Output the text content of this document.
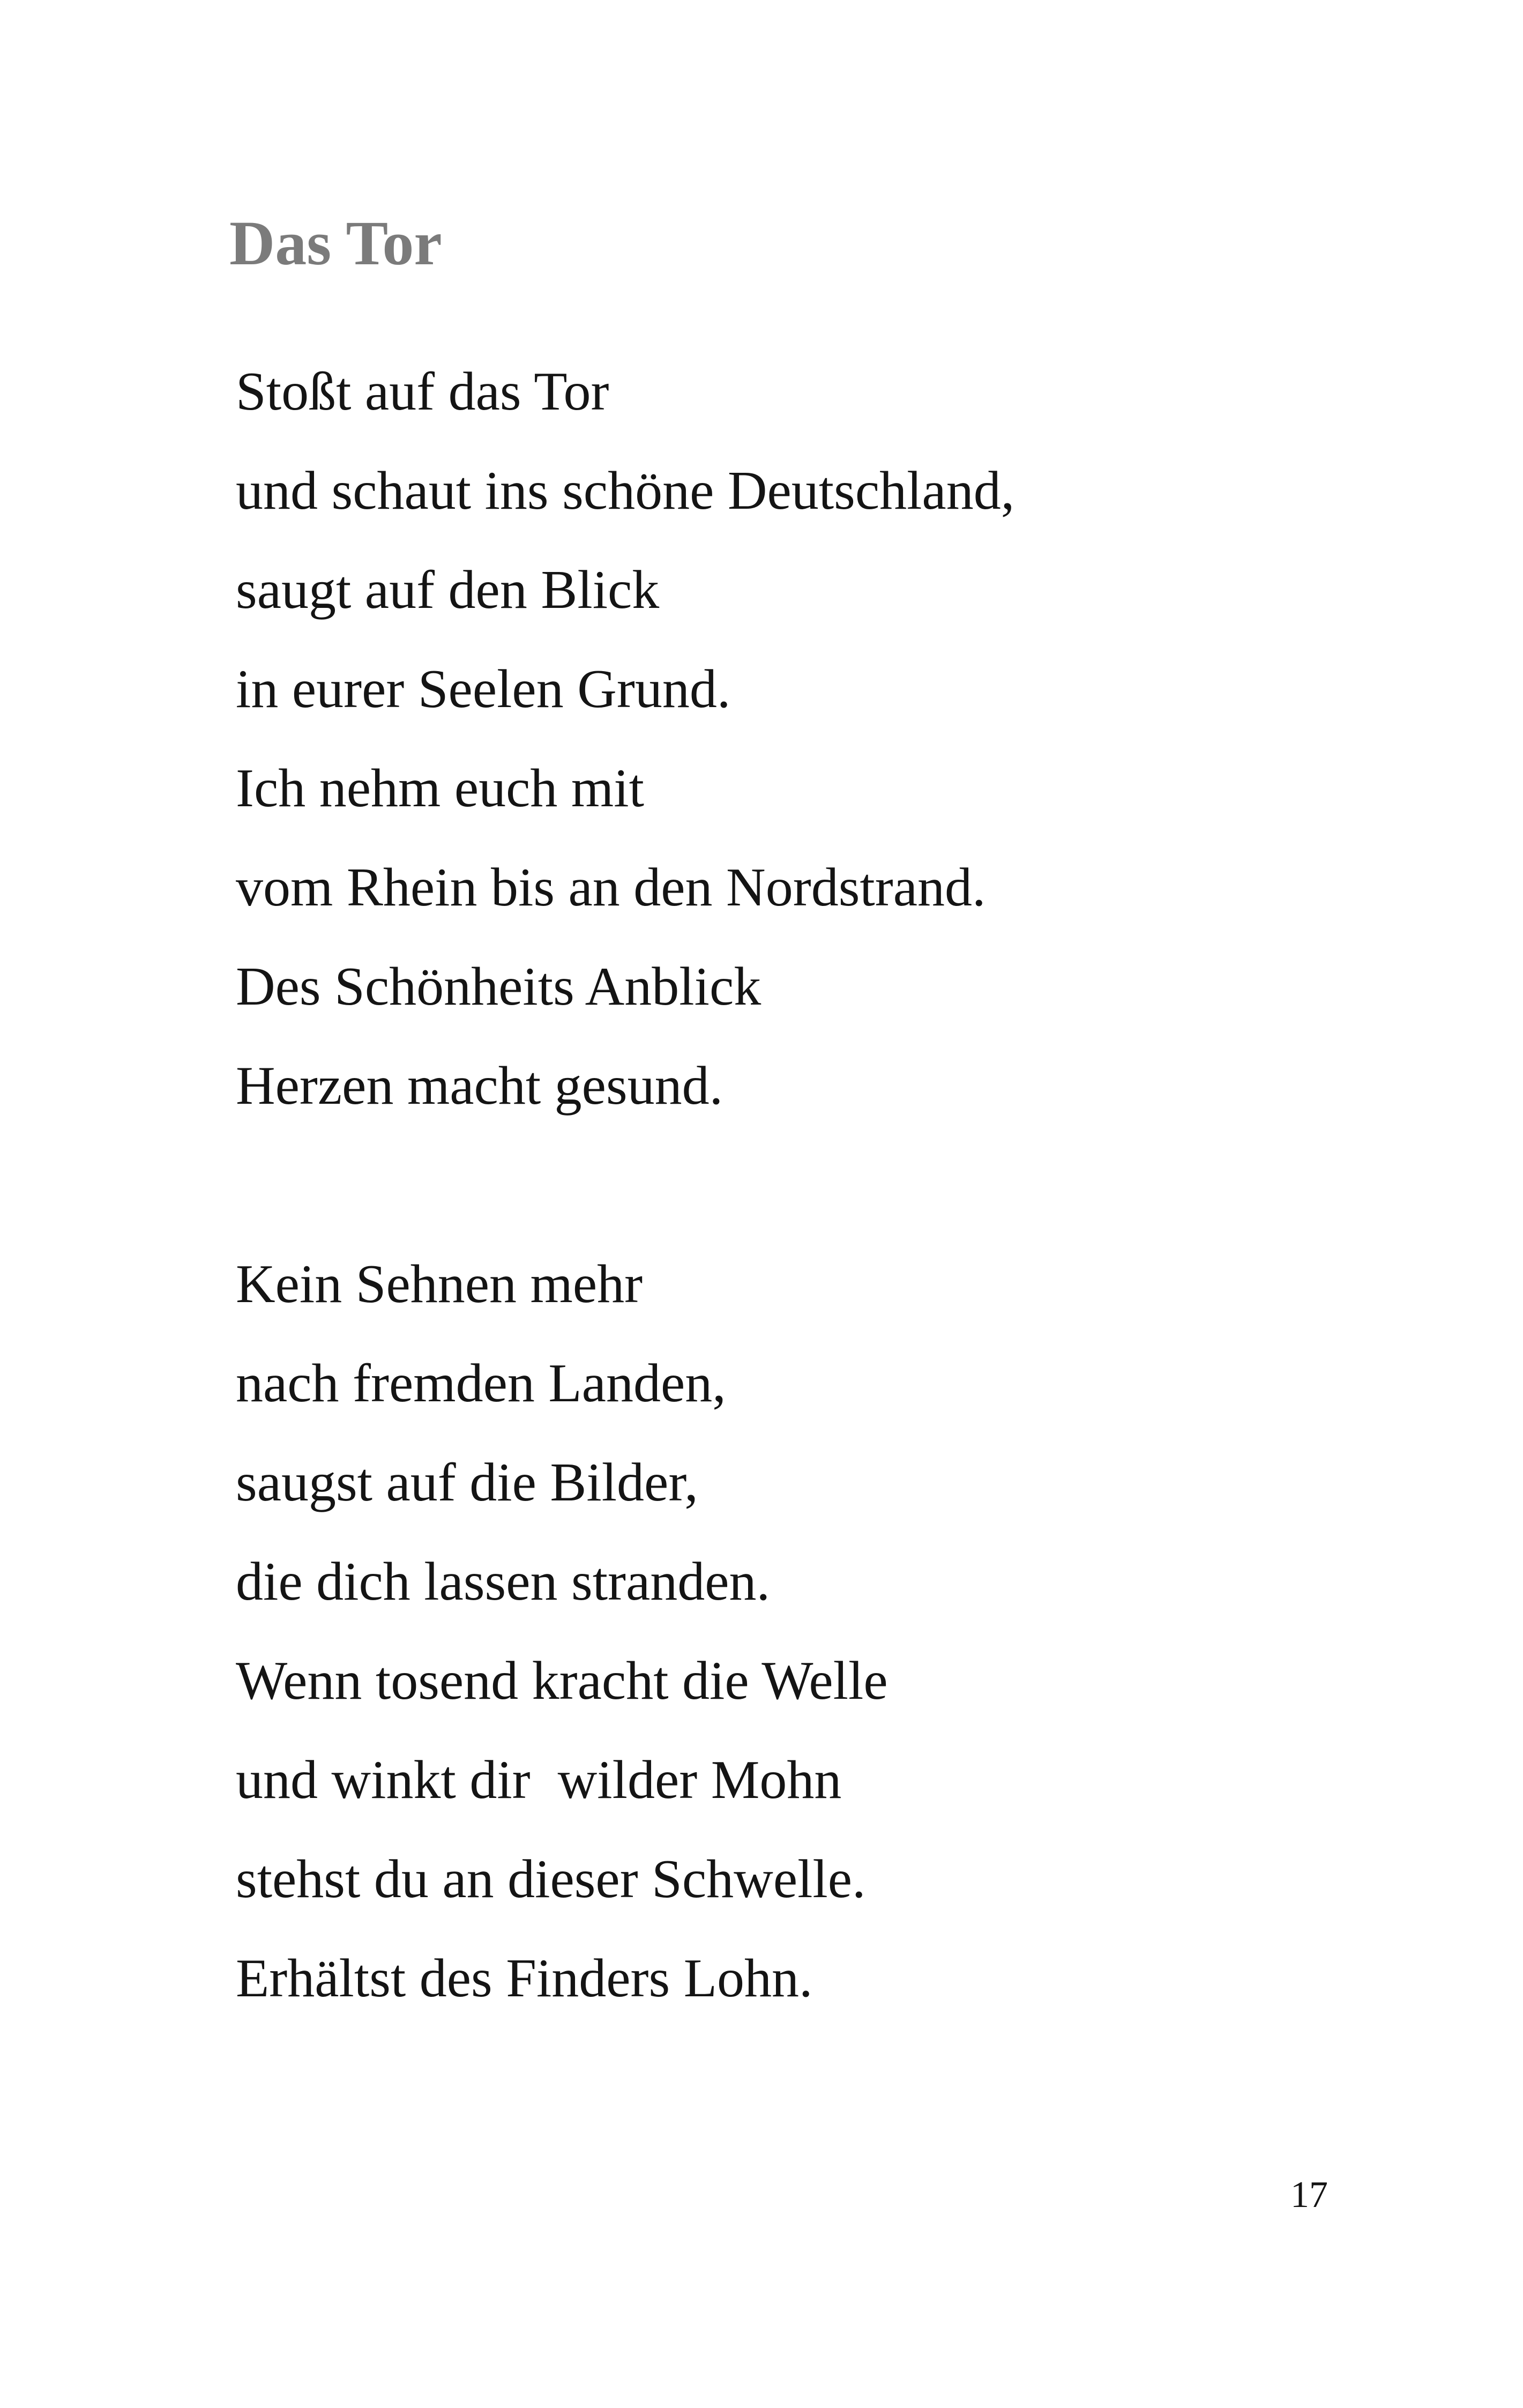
Das Tor
Stoßt auf das Tor
und schaut ins schöne Deutschland,
saugt auf den Blick
in eurer Seelen Grund.
Ich nehm euch mit
vom Rhein bis an den Nordstrand.
Des Schönheits Anblick
Herzen macht gesund.
Kein Sehnen mehr
nach fremden Landen,
saugst auf die Bilder,
die dich lassen stranden.
Wenn tosend kracht die Welle
und winkt dir  wilder Mohn
stehst du an dieser Schwelle.
Erhältst des Finders Lohn.
17
